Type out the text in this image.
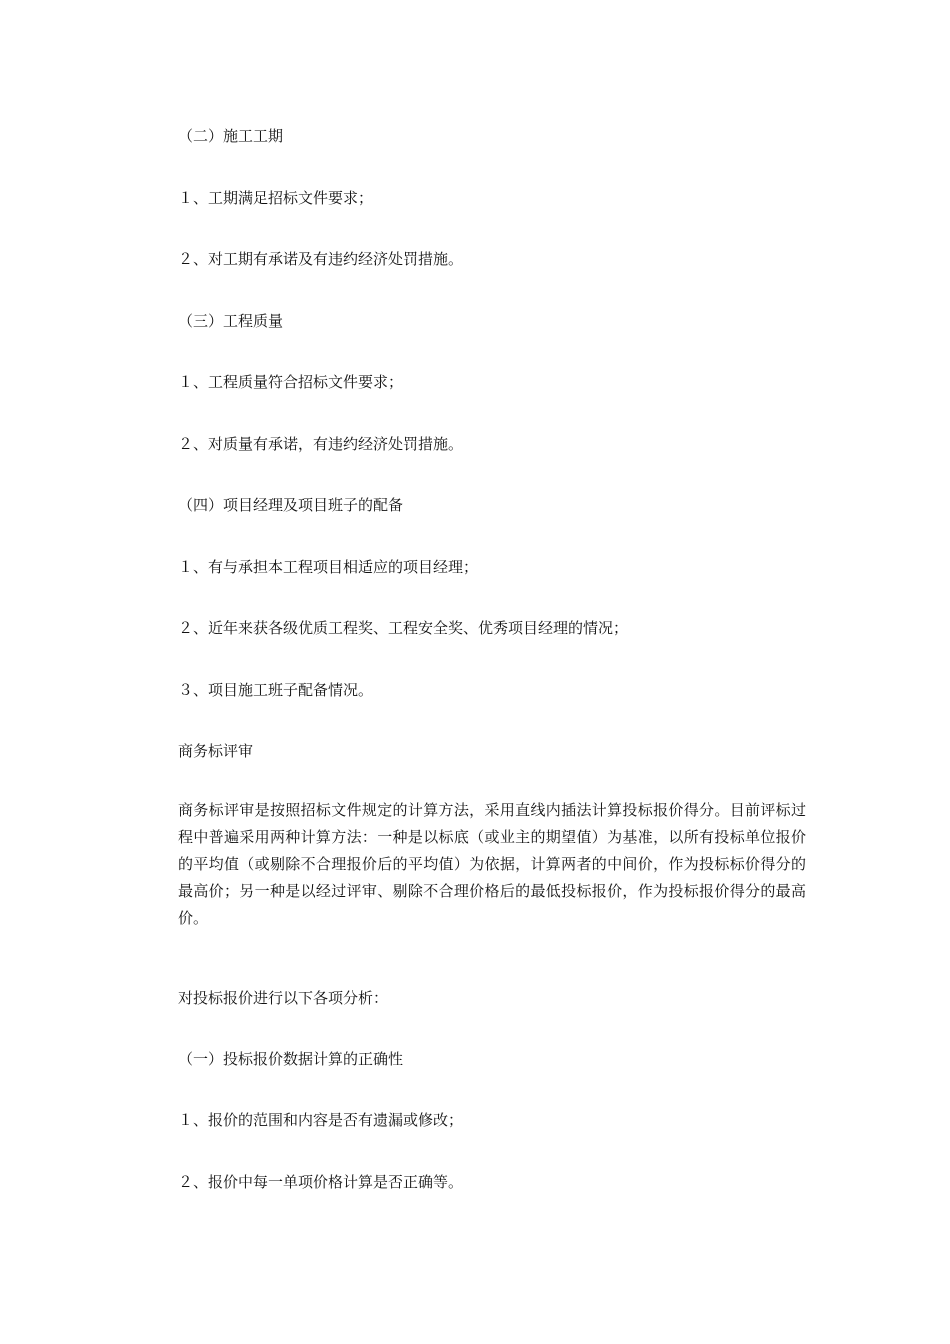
（二）施工工期

１、工期满足招标文件要求；

２、对工期有承诺及有违约经济处罚措施。

（三）工程质量

１、工程质量符合招标文件要求；

２、对质量有承诺，有违约经济处罚措施。

（四）项目经理及项目班子的配备

１、有与承担本工程项目相适应的项目经理；

２、近年来获各级优质工程奖、工程安全奖、优秀项目经理的情况；

３、项目施工班子配备情况。

商务标评审

商务标评审是按照招标文件规定的计算方法，采用直线内插法计算投标报价得分。目前评标过程中普遍采用两种计算方法：一种是以标底（或业主的期望值）为基准，以所有投标单位报价的平均值（或剔除不合理报价后的平均值）为依据，计算两者的中间价，作为投标标价得分的最高价；另一种是以经过评审、剔除不合理价格后的最低投标报价，作为投标报价得分的最高价。

对投标报价进行以下各项分析：

（一）投标报价数据计算的正确性

１、报价的范围和内容是否有遗漏或修改；

２、报价中每一单项价格计算是否正确等。
